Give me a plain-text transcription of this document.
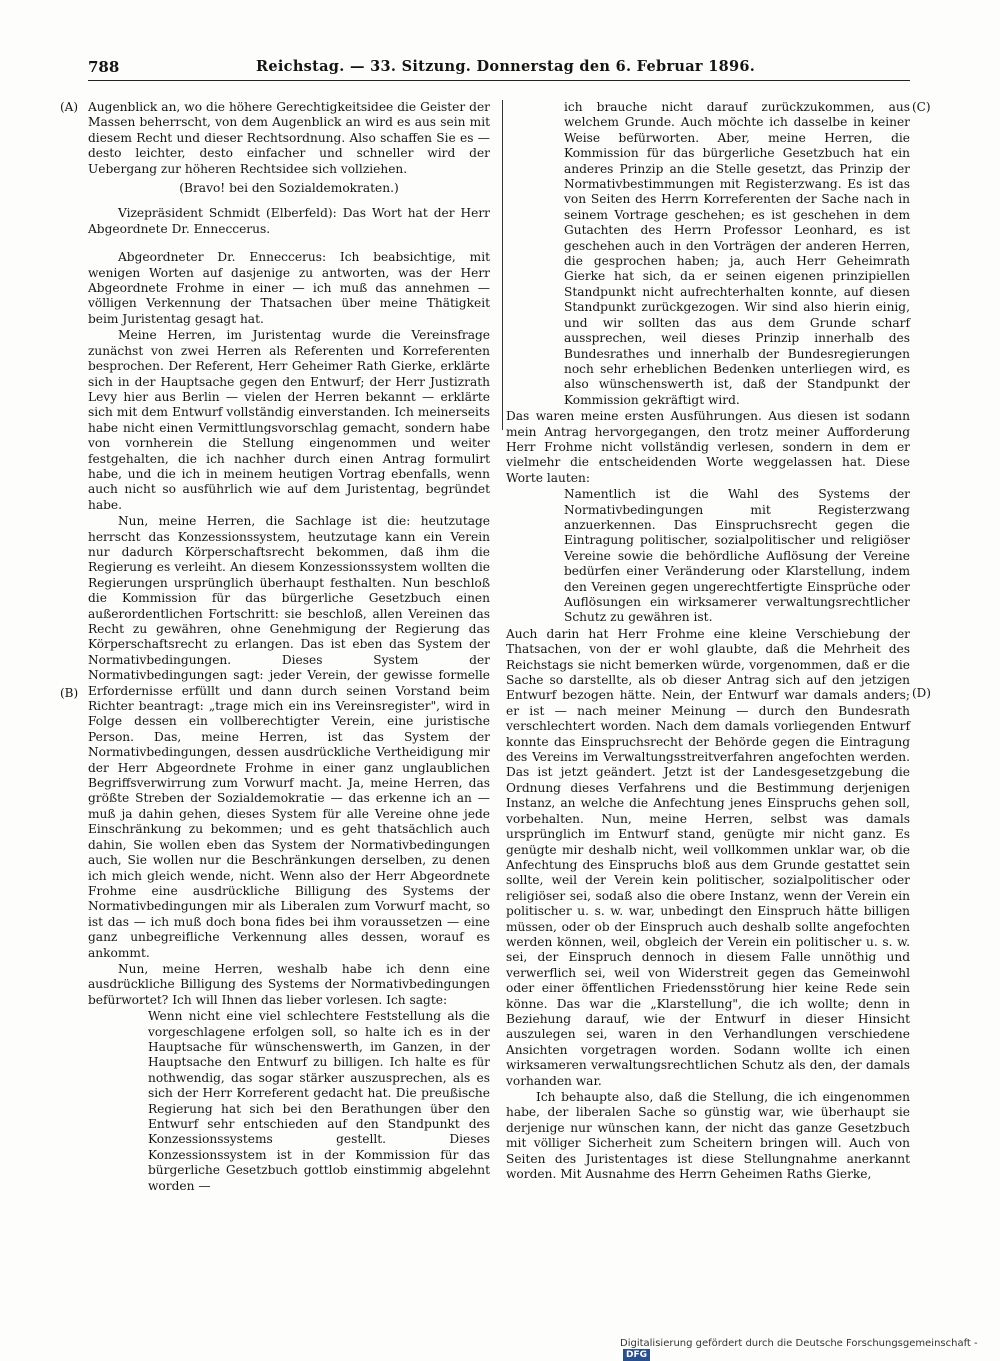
788	Reichstag. — 33. Sitzung. Donnerstag den 6. Februar 1896.
(A)
(B)
(C)
(D)

Augenblick an, wo die höhere Gerechtigkeitsidee die Geister der Massen beherrscht, von dem Augenblick an wird es aus sein mit diesem Recht und dieser Rechtsordnung. Also schaffen Sie es — desto leichter, desto einfacher und schneller wird der Uebergang zur höheren Rechtsidee sich vollziehen.

(Bravo! bei den Sozialdemokraten.)

Vizepräsident Schmidt (Elberfeld): Das Wort hat der Herr Abgeordnete Dr. Enneccerus.

Abgeordneter Dr. Enneccerus: Ich beabsichtige, mit wenigen Worten auf dasjenige zu antworten, was der Herr Abgeordnete Frohme in einer — ich muß das annehmen — völligen Verkennung der Thatsachen über meine Thätigkeit beim Juristentag gesagt hat.

Meine Herren, im Juristentag wurde die Vereinsfrage zunächst von zwei Herren als Referenten und Korreferenten besprochen. Der Referent, Herr Geheimer Rath Gierke, erklärte sich in der Hauptsache gegen den Entwurf; der Herr Justizrath Levy hier aus Berlin — vielen der Herren bekannt — erklärte sich mit dem Entwurf vollständig einverstanden. Ich meinerseits habe nicht einen Vermittlungsvorschlag gemacht, sondern habe von vornherein die Stellung eingenommen und weiter festgehalten, die ich nachher durch einen Antrag formulirt habe, und die ich in meinem heutigen Vortrag ebenfalls, wenn auch nicht so ausführlich wie auf dem Juristentag, begründet habe.

Nun, meine Herren, die Sachlage ist die: heutzutage herrscht das Konzessionssystem, heutzutage kann ein Verein nur dadurch Körperschaftsrecht bekommen, daß ihm die Regierung es verleiht. An diesem Konzessionssystem wollten die Regierungen ursprünglich überhaupt festhalten. Nun beschloß die Kommission für das bürgerliche Gesetzbuch einen außerordentlichen Fortschritt: sie beschloß, allen Vereinen das Recht zu gewähren, ohne Genehmigung der Regierung das Körperschaftsrecht zu erlangen. Das ist eben das System der Normativbedingungen. Dieses System der Normativbedingungen sagt: jeder Verein, der gewisse formelle Erfordernisse erfüllt und dann durch seinen Vorstand beim Richter beantragt: „trage mich ein ins Vereinsregister", wird in Folge dessen ein vollberechtigter Verein, eine juristische Person. Das, meine Herren, ist das System der Normativbedingungen, dessen ausdrückliche Vertheidigung mir der Herr Abgeordnete Frohme in einer ganz unglaublichen Begriffsverwirrung zum Vorwurf macht. Ja, meine Herren, das größte Streben der Sozialdemokratie — das erkenne ich an — muß ja dahin gehen, dieses System für alle Vereine ohne jede Einschränkung zu bekommen; und es geht thatsächlich auch dahin, Sie wollen eben das System der Normativbedingungen auch, Sie wollen nur die Beschränkungen derselben, zu denen ich mich gleich wende, nicht. Wenn also der Herr Abgeordnete Frohme eine ausdrückliche Billigung des Systems der Normativbedingungen mir als Liberalen zum Vorwurf macht, so ist das — ich muß doch bona fides bei ihm voraussetzen — eine ganz unbegreifliche Verkennung alles dessen, worauf es ankommt.

Nun, meine Herren, weshalb habe ich denn eine ausdrückliche Billigung des Systems der Normativbedingungen befürwortet? Ich will Ihnen das lieber vorlesen. Ich sagte:

Wenn nicht eine viel schlechtere Feststellung als die vorgeschlagene erfolgen soll, so halte ich es in der Hauptsache für wünschenswerth, im Ganzen, in der Hauptsache den Entwurf zu billigen. Ich halte es für nothwendig, das sogar stärker auszusprechen, als es sich der Herr Korreferent gedacht hat. Die preußische Regierung hat sich bei den Berathungen über den Entwurf sehr entschieden auf den Standpunkt des Konzessionssystems gestellt. Dieses Konzessionssystem ist in der Kommission für das bürgerliche Gesetzbuch gottlob einstimmig abgelehnt worden —

ich brauche nicht darauf zurückzukommen, aus welchem Grunde. Auch möchte ich dasselbe in keiner Weise befürworten. Aber, meine Herren, die Kommission für das bürgerliche Gesetzbuch hat ein anderes Prinzip an die Stelle gesetzt, das Prinzip der Normativbestimmungen mit Registerzwang. Es ist das von Seiten des Herrn Korreferenten der Sache nach in seinem Vortrage geschehen; es ist geschehen in dem Gutachten des Herrn Professor Leonhard, es ist geschehen auch in den Vorträgen der anderen Herren, die gesprochen haben; ja, auch Herr Geheimrath Gierke hat sich, da er seinen eigenen prinzipiellen Standpunkt nicht aufrechterhalten konnte, auf diesen Standpunkt zurückgezogen. Wir sind also hierin einig, und wir sollten das aus dem Grunde scharf aussprechen, weil dieses Prinzip innerhalb des Bundesrathes und innerhalb der Bundesregierungen noch sehr erheblichen Bedenken unterliegen wird, es also wünschenswerth ist, daß der Standpunkt der Kommission gekräftigt wird.

Das waren meine ersten Ausführungen. Aus diesen ist sodann mein Antrag hervorgegangen, den trotz meiner Aufforderung Herr Frohme nicht vollständig verlesen, sondern in dem er vielmehr die entscheidenden Worte weggelassen hat. Diese Worte lauten:

Namentlich ist die Wahl des Systems der Normativbedingungen mit Registerzwang anzuerkennen. Das Einspruchsrecht gegen die Eintragung politischer, sozialpolitischer und religiöser Vereine sowie die behördliche Auflösung der Vereine bedürfen einer Veränderung oder Klarstellung, indem den Vereinen gegen ungerechtfertigte Einsprüche oder Auflösungen ein wirksamerer verwaltungsrechtlicher Schutz zu gewähren ist.

Auch darin hat Herr Frohme eine kleine Verschiebung der Thatsachen, von der er wohl glaubte, daß die Mehrheit des Reichstags sie nicht bemerken würde, vorgenommen, daß er die Sache so darstellte, als ob dieser Antrag sich auf den jetzigen Entwurf bezogen hätte. Nein, der Entwurf war damals anders; er ist — nach meiner Meinung — durch den Bundesrath verschlechtert worden. Nach dem damals vorliegenden Entwurf konnte das Einspruchsrecht der Behörde gegen die Eintragung des Vereins im Verwaltungsstreitverfahren angefochten werden. Das ist jetzt geändert. Jetzt ist der Landesgesetzgebung die Ordnung dieses Verfahrens und die Bestimmung derjenigen Instanz, an welche die Anfechtung jenes Einspruchs gehen soll, vorbehalten. Nun, meine Herren, selbst was damals ursprünglich im Entwurf stand, genügte mir nicht ganz. Es genügte mir deshalb nicht, weil vollkommen unklar war, ob die Anfechtung des Einspruchs bloß aus dem Grunde gestattet sein sollte, weil der Verein kein politischer, sozialpolitischer oder religiöser sei, sodaß also die obere Instanz, wenn der Verein ein politischer u. s. w. war, unbedingt den Einspruch hätte billigen müssen, oder ob der Einspruch auch deshalb sollte angefochten werden können, weil, obgleich der Verein ein politischer u. s. w. sei, der Einspruch dennoch in diesem Falle unnöthig und verwerflich sei, weil von Widerstreit gegen das Gemeinwohl oder einer öffentlichen Friedensstörung hier keine Rede sein könne. Das war die „Klarstellung", die ich wollte; denn in Beziehung darauf, wie der Entwurf in dieser Hinsicht auszulegen sei, waren in den Verhandlungen verschiedene Ansichten vorgetragen worden. Sodann wollte ich einen wirksameren verwaltungsrechtlichen Schutz als den, der damals vorhanden war.

Ich behaupte also, daß die Stellung, die ich eingenommen habe, der liberalen Sache so günstig war, wie überhaupt sie derjenige nur wünschen kann, der nicht das ganze Gesetzbuch mit völliger Sicherheit zum Scheitern bringen will. Auch von Seiten des Juristentages ist diese Stellungnahme anerkannt worden. Mit Ausnahme des Herrn Geheimen Raths Gierke,

Digitalisierung gefördert durch die Deutsche Forschungsgemeinschaft -DFG
